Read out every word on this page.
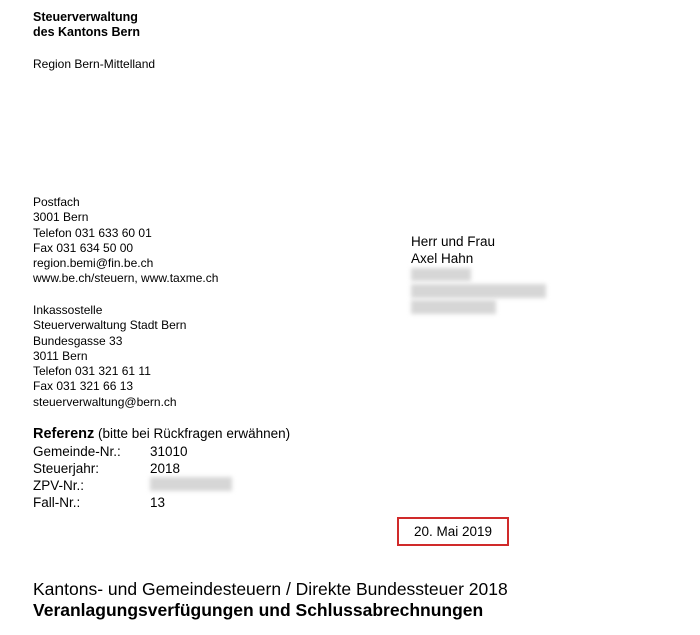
Steuerverwaltung
des Kantons Bern
Region Bern-Mittelland
Postfach
3001 Bern
Telefon 031 633 60 01
Fax 031 634 50 00
region.bemi@fin.be.ch
www.be.ch/steuern, www.taxme.ch
Inkassostelle
Steuerverwaltung Stadt Bern
Bundesgasse 33
3011 Bern
Telefon 031 321 61 11
Fax 031 321 66 13
steuerverwaltung@bern.ch
Herr und Frau
Axel Hahn
Referenz (bitte bei Rückfragen erwähnen)
Gemeinde-Nr.:	31010
Steuerjahr:	2018
ZPV-Nr.:
Fall-Nr.:	13
20. Mai 2019
Kantons- und Gemeindesteuern / Direkte Bundessteuer 2018
Veranlagungsverfügungen und Schlussabrechnungen
